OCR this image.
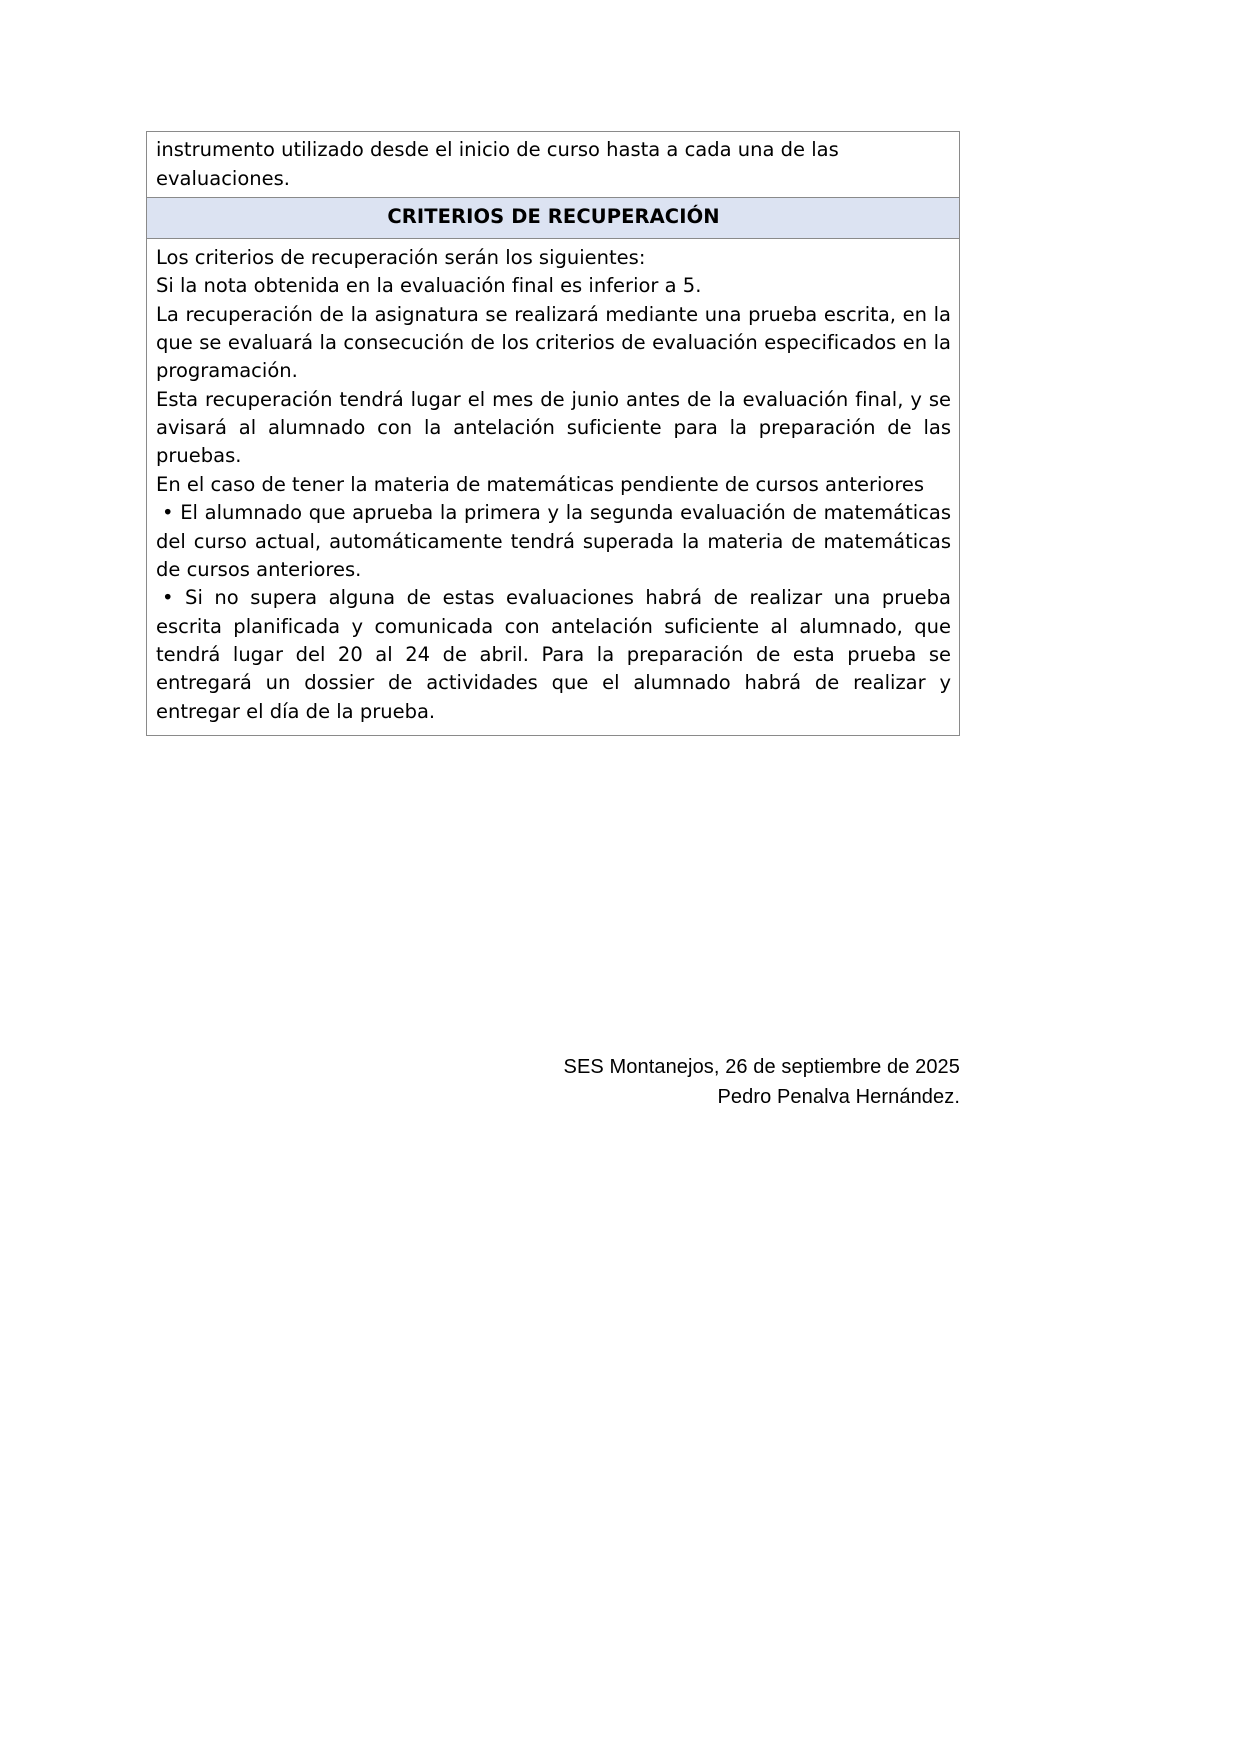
instrumento utilizado desde el inicio de curso hasta a cada una de las evaluaciones.
CRITERIOS DE RECUPERACIÓN

Los criterios de recuperación serán los siguientes:

Si la nota obtenida en la evaluación final es inferior a 5.

La recuperación de la asignatura se realizará mediante una prueba escrita, en la que se evaluará la consecución de los criterios de evaluación especificados en la programación.

Esta recuperación tendrá lugar el mes de junio antes de la evaluación final, y se avisará al alumnado con la antelación suficiente para la preparación de las pruebas.

En el caso de tener la materia de matemáticas pendiente de cursos anteriores

• El alumnado que aprueba la primera y la segunda evaluación de matemáticas del curso actual, automáticamente tendrá superada la materia de matemáticas de cursos anteriores.

• Si no supera alguna de estas evaluaciones habrá de realizar una prueba escrita planificada y comunicada con antelación suficiente al alumnado, que tendrá lugar del 20 al 24 de abril. Para la preparación de esta prueba se entregará un dossier de actividades que el alumnado habrá de realizar y entregar el día de la prueba.

SES Montanejos, 26 de septiembre de 2025
Pedro Penalva Hernández.
